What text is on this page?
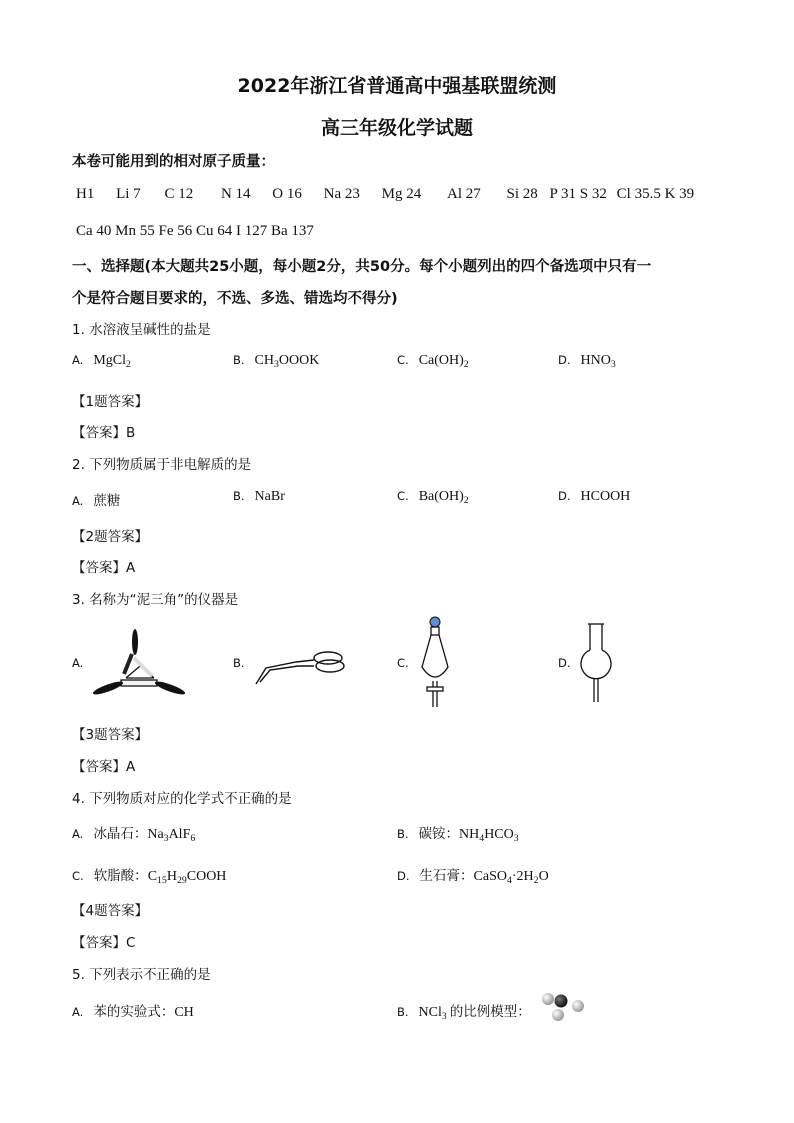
2022年浙江省普通高中强基联盟统测
高三年级化学试题
本卷可能用到的相对原子质量：
H1 Li 7 C 12 N 14 O 16 Na 23 Mg 24 Al 27 Si 28 P 31 S 32 Cl 35.5 K 39
Ca 40 Mn 55 Fe 56 Cu 64 I 127 Ba 137
一、选择题(本大题共25小题，每小题2分，共50分。每个小题列出的四个备选项中只有一
个是符合题目要求的，不选、多选、错选均不得分)
1. 水溶液呈碱性的盐是
A. MgCl$_2$	B. $CH_3OOOK$	C. $Ca(OH)_2$	D. $HNO_3$
【1题答案】
【答案】B
2. 下列物质属于非电解质的是
A. 蔗糖	B. NaBr	C. $Ba(OH)_2$	D. HCOOH
【2题答案】
【答案】A
3. 名称为“泥三角”的仪器是
A.	B.	C.	D.
【3题答案】
【答案】A
4. 下列物质对应的化学式不正确的是
A. 冰晶石：$Na_3AlF_6$	B. 碳铵：$NH_4HCO_3$
C. 软脂酸：$C_{15}H_{29}COOH$	D. 生石膏：$CaSO_4\cdot 2H_2O$
【4题答案】
【答案】C
5. 下列表示不正确的是
A. 苯的实验式：CH	B. NCl$_3$ 的比例模型：
